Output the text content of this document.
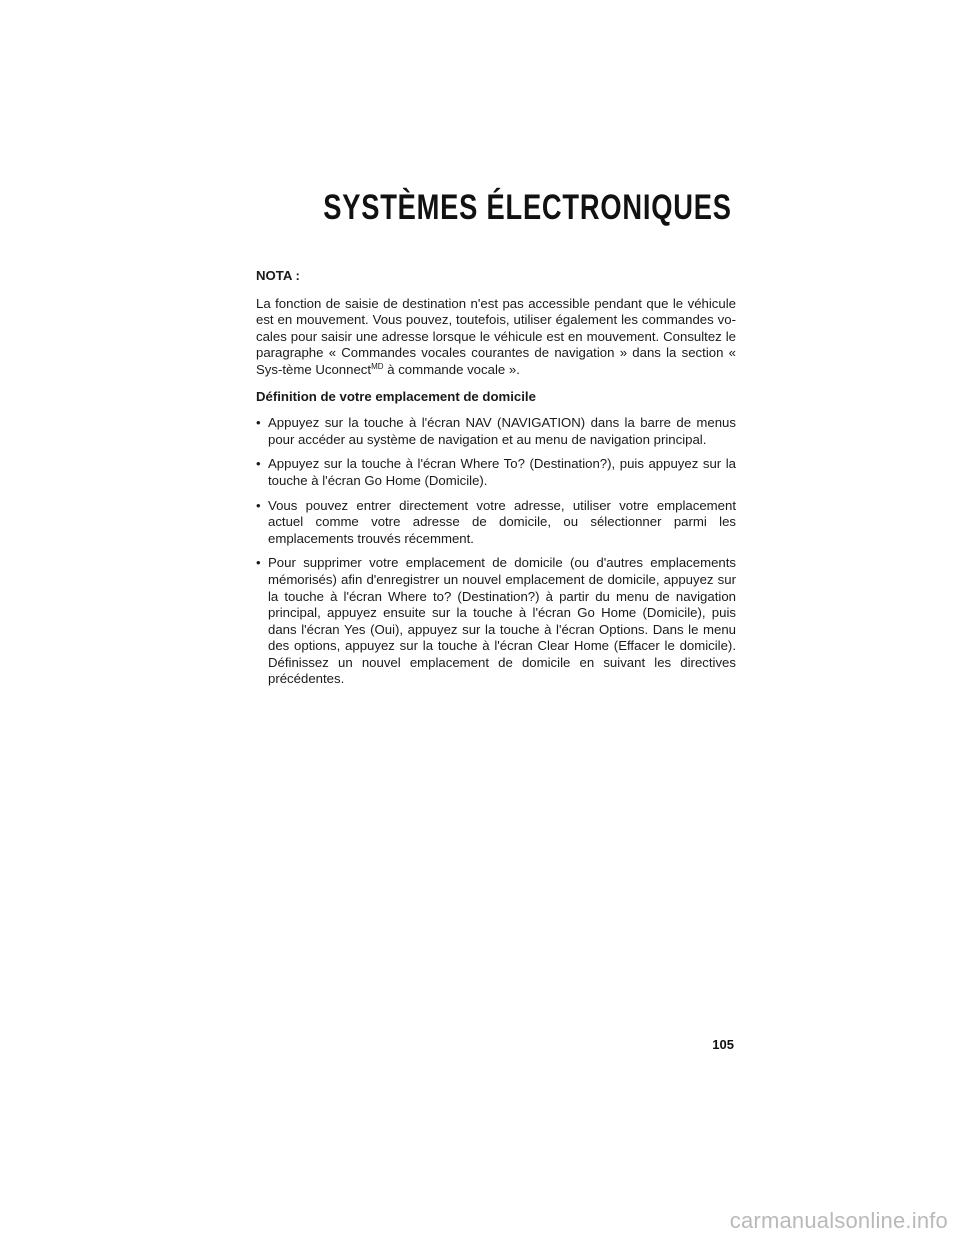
SYSTÈMES ÉLECTRONIQUES

NOTA :

La fonction de saisie de destination n'est pas accessible pendant que le véhicule est en mouvement. Vous pouvez, toutefois, utiliser également les commandes vo-cales pour saisir une adresse lorsque le véhicule est en mouvement. Consultez le paragraphe « Commandes vocales courantes de navigation » dans la section « Sys-tème Uconnect$^{MD}$ à commande vocale ».

Définition de votre emplacement de domicile

• Appuyez sur la touche à l'écran NAV (NAVIGATION) dans la barre de menus pour accéder au système de navigation et au menu de navigation principal.
• Appuyez sur la touche à l'écran Where To? (Destination?), puis appuyez sur la touche à l'écran Go Home (Domicile).
• Vous pouvez entrer directement votre adresse, utiliser votre emplacement actuel comme votre adresse de domicile, ou sélectionner parmi les emplacements trouvés récemment.
• Pour supprimer votre emplacement de domicile (ou d'autres emplacements mémorisés) afin d'enregistrer un nouvel emplacement de domicile, appuyez sur la touche à l'écran Where to? (Destination?) à partir du menu de navigation principal, appuyez ensuite sur la touche à l'écran Go Home (Domicile), puis dans l'écran Yes (Oui), appuyez sur la touche à l'écran Options. Dans le menu des options, appuyez sur la touche à l'écran Clear Home (Effacer le domicile). Définissez un nouvel emplacement de domicile en suivant les directives précédentes.
105
carmanualsonline.info
